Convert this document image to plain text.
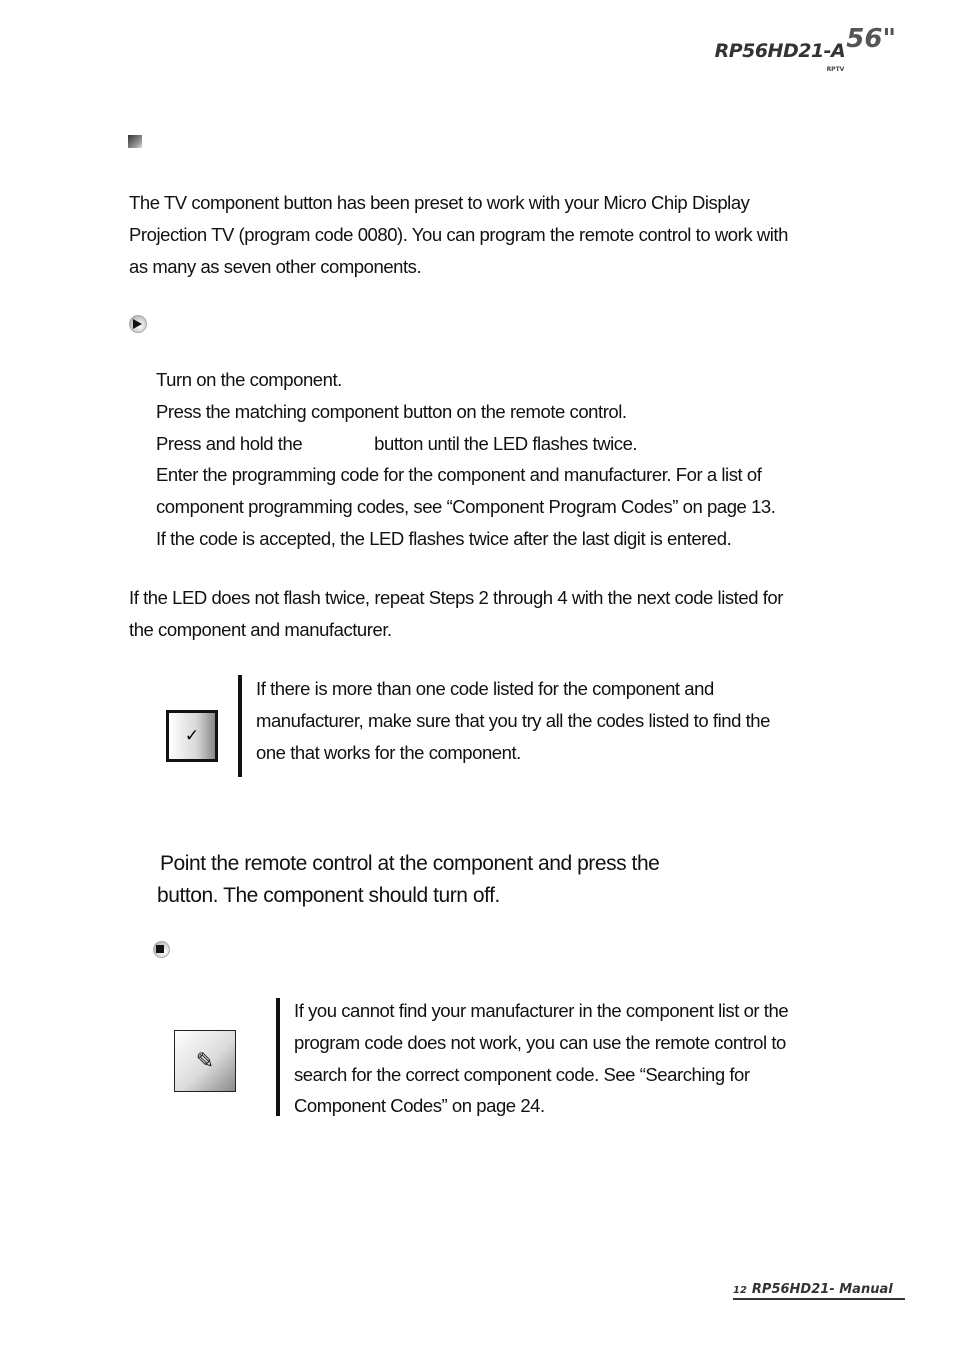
RP56HD21-A56"
RPTV
The TV component button has been preset to work with your Micro Chip Display
Projection TV (program code 0080). You can program the remote control to work with
as many as seven other components.
Turn on the component.
Press the matching component button on the remote control.
Press and hold the	button until the LED flashes twice.
Enter the programming code for the component and manufacturer. For a list of
component programming codes, see “Component Program Codes” on page 13.
If the code is accepted, the LED flashes twice after the last digit is entered.
If the LED does not flash twice, repeat Steps 2 through 4 with the next code listed for
the component and manufacturer.
✓
If there is more than one code listed for the component and
manufacturer, make sure that you try all the codes listed to find the
one that works for the component.
Point the remote control at the component and press the
button. The component should turn off.
✎
If you cannot find your manufacturer in the component list or the
program code does not work, you can use the remote control to
search for the correct component code. See “Searching for
Component Codes” on page 24.
12 RP56HD21- Manual
